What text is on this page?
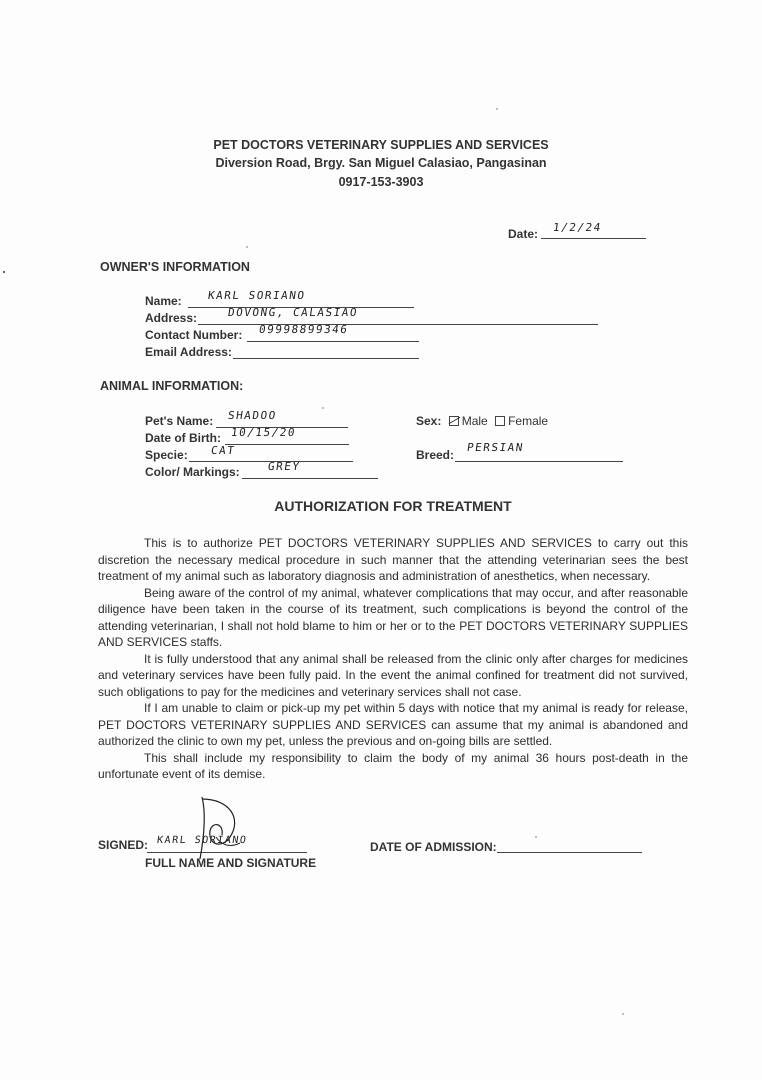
PET DOCTORS VETERINARY SUPPLIES AND SERVICES
Diversion Road, Brgy. San Miguel Calasiao, Pangasinan
0917-153-3903
Date: 1/2/24
OWNER'S INFORMATION
Name: KARL SORIANO
Address:	DOVONG, CALASIAO
Contact Number: 09998899346
Email Address:
ANIMAL INFORMATION:
Pet's Name: SHADOO
Date of Birth: 10/15/20
Specie: CAT
Color/ Markings: GREY
Sex: Male Female
Breed:
PERSIAN
AUTHORIZATION FOR TREATMENT

This is to authorize PET DOCTORS VETERINARY SUPPLIES AND SERVICES to carry out this discretion the necessary medical procedure in such manner that the attending veterinarian sees the best treatment of my animal such as laboratory diagnosis and administration of anesthetics, when necessary.

Being aware of the control of my animal, whatever complications that may occur, and after reasonable diligence have been taken in the course of its treatment, such complications is beyond the control of the attending veterinarian, I shall not hold blame to him or her or to the PET DOCTORS VETERINARY SUPPLIES AND SERVICES staffs.

It is fully understood that any animal shall be released from the clinic only after charges for medicines and veterinary services have been fully paid. In the event the animal confined for treatment did not survived, such obligations to pay for the medicines and veterinary services shall not case.

If I am unable to claim or pick-up my pet within 5 days with notice that my animal is ready for release, PET DOCTORS VETERINARY SUPPLIES AND SERVICES can assume that my animal is abandoned and authorized the clinic to own my pet, unless the previous and on-going bills are settled.

This shall include my responsibility to claim the body of my animal 36 hours post-death in the unfortunate event of its demise.

SIGNED: KARL SORIANO
FULL NAME AND SIGNATURE
DATE OF ADMISSION:
